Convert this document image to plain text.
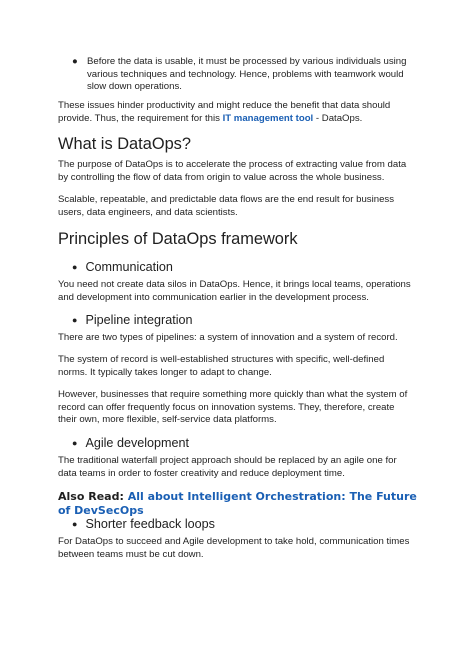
● Before the data is usable, it must be processed by various individuals using various techniques and technology. Hence, problems with teamwork would slow down operations.

These issues hinder productivity and might reduce the benefit that data should provide. Thus, the requirement for this IT management tool - DataOps.

What is DataOps?

The purpose of DataOps is to accelerate the process of extracting value from data by controlling the flow of data from origin to value across the whole business.

Scalable, repeatable, and predictable data flows are the end result for business users, data engineers, and data scientists.

Principles of DataOps framework
● Communication

You need not create data silos in DataOps. Hence, it brings local teams, operations and development into communication earlier in the development process.

● Pipeline integration

There are two types of pipelines: a system of innovation and a system of record.

The system of record is well-established structures with specific, well-defined norms. It typically takes longer to adapt to change.

However, businesses that require something more quickly than what the system of record can offer frequently focus on innovation systems. They, therefore, create their own, more flexible, self-service data platforms.

● Agile development

The traditional waterfall project approach should be replaced by an agile one for data teams in order to foster creativity and reduce deployment time.

Also Read: All about Intelligent Orchestration: The Future of DevSecOps
● Shorter feedback loops

For DataOps to succeed and Agile development to take hold, communication times between teams must be cut down.
